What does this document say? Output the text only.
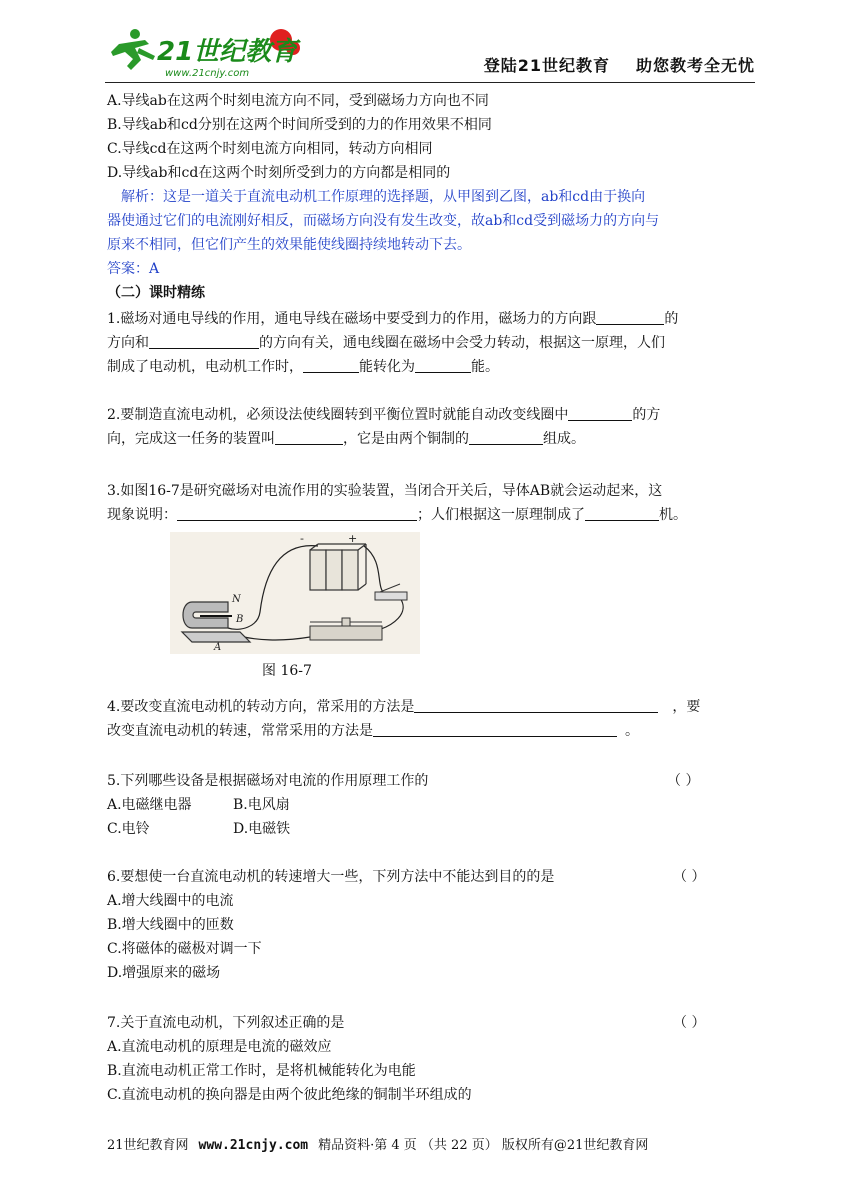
21世纪教育
www.21cnjy.com	登陆21世纪教育 助您教考全无忧
A.导线ab在这两个时刻电流方向不同，受到磁场力方向也不同
B.导线ab和cd分别在这两个时间所受到的力的作用效果不相同
C.导线cd在这两个时刻电流方向相同，转动方向相同
D.导线ab和cd在这两个时刻所受到力的方向都是相同的
解析：这是一道关于直流电动机工作原理的选择题，从甲图到乙图，ab和cd由于换向
器使通过它们的电流刚好相反，而磁场方向没有发生改变，故ab和cd受到磁场力的方向与
原来不相同，但它们产生的效果能使线圈持续地转动下去。
答案：A
（二）课时精练
1.磁场对通电导线的作用，通电导线在磁场中要受到力的作用，磁场力的方向跟	的
方向和	的方向有关，通电线圈在磁场中会受力转动，根据这一原理，人们
制成了电动机，电动机工作时，	能转化为	能。
2.要制造直流电动机，必须设法使线圈转到平衡位置时就能自动改变线圈中	的方
向，完成这一任务的装置叫	，它是由两个铜制的	组成。
3.如图16-7是研究磁场对电流作用的实验装置，当闭合开关后，导体AB就会运动起来，这
现象说明：	；人们根据这一原理制成了	机。
4.要改变直流电动机的转动方向，常采用的方法是	，要
改变直流电动机的转速，常常采用的方法是	。
5.下列哪些设备是根据磁场对电流的作用原理工作的	（ ）
A.电磁继电器	B.电风扇
C.电铃	D.电磁铁
6.要想使一台直流电动机的转速增大一些，下列方法中不能达到目的的是	（ ）
A.增大线圈中的电流
B.增大线圈中的匝数
C.将磁体的磁极对调一下
D.增强原来的磁场
7.关于直流电动机，下列叙述正确的是	（ ）
A.直流电动机的原理是电流的磁效应
B.直流电动机正常工作时，是将机械能转化为电能
C.直流电动机的换向器是由两个彼此绝缘的铜制半环组成的
-	+
N
B
A
图 16-7
21世纪教育网 www.21cnjy.com 精品资料·第 4 页 （共 22 页） 版权所有@21世纪教育网
